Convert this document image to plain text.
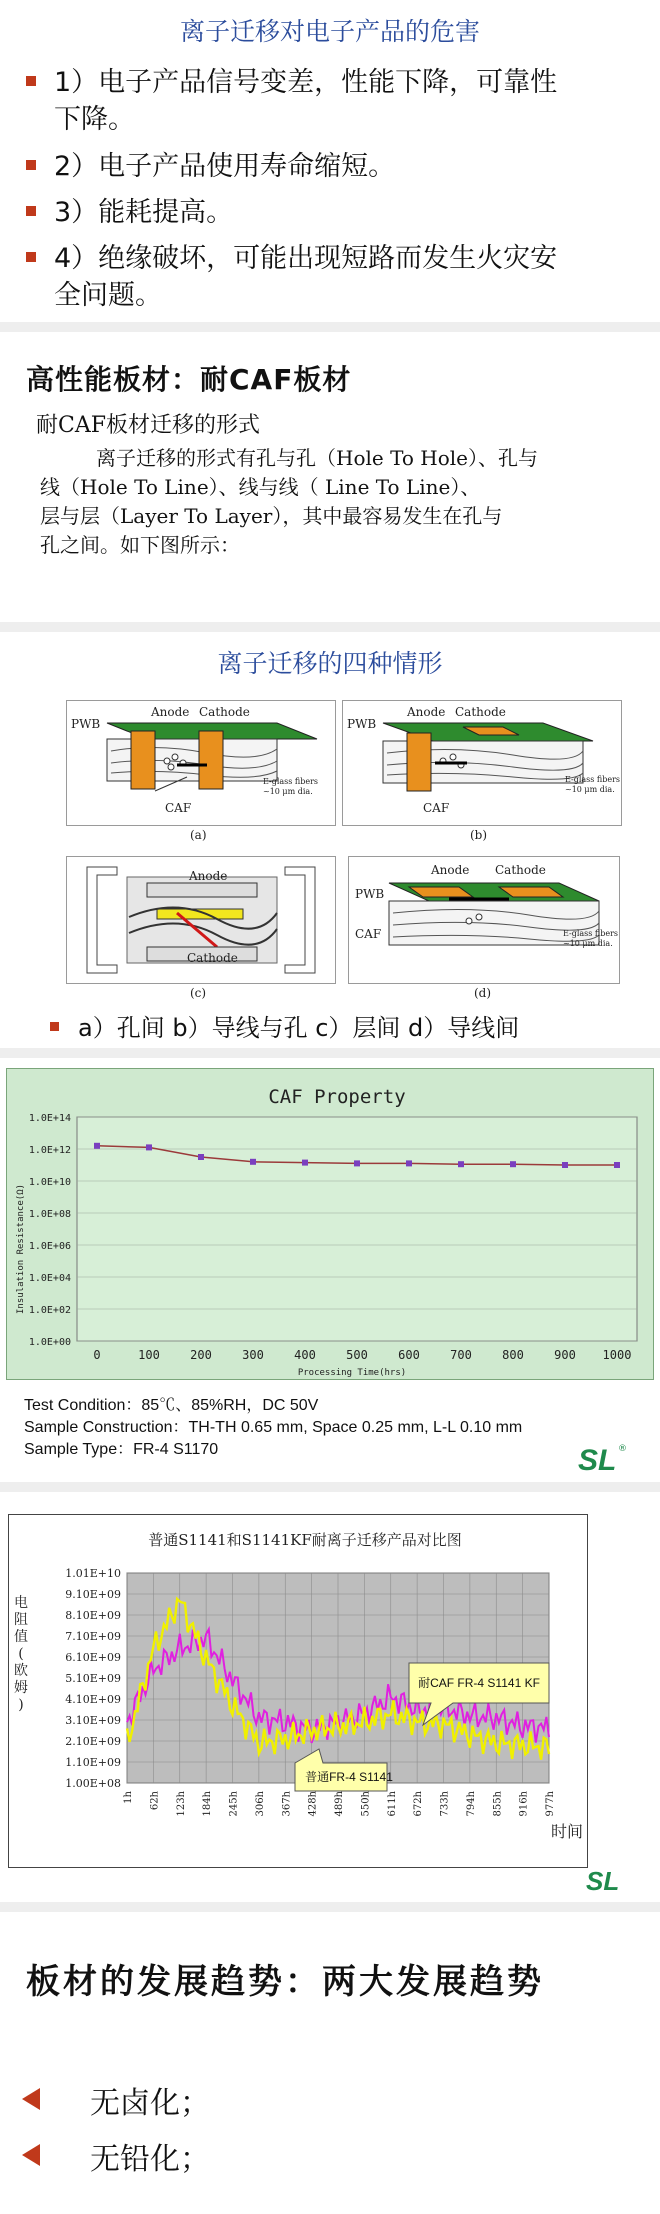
离子迁移对电子产品的危害
1）电子产品信号变差，性能下降，可靠性
下降。
2）电子产品使用寿命缩短。
3）能耗提高。
4）绝缘破坏，可能出现短路而发生火灾安
全问题。
高性能板材：耐CAF板材
耐CAF板材迁移的形式
离子迁移的形式有孔与孔（Hole To Hole）、孔与
线（Hole To Line）、线与线（ Line To Line）、
层与层（Layer To Layer），其中最容易发生在孔与
孔之间。如下图所示：
离子迁移的四种情形
PWB
Anode Cathode
CAF
E-glass fibers
~10 μm dia.
(a)
PWB
Anode Cathode
CAF
E-glass fibers
~10 μm dia.
(b)
Anode
Cathode
(c)
PWB
Anode Cathode
CAF	E-glass fibers
~10 μm dia.
(d)
a）孔间 b）导线与孔 c）层间 d）导线间
CAF Property
Insulation Resistance(Ω)
Processing Time(hrs)
1.0E+00
1.0E+02
1.0E+04
1.0E+06
1.0E+08
1.0E+10
1.0E+12
1.0E+14
0	100	200	300	400	500	600	700	800	900 1000
Test Condition：85℃、85%RH，DC 50V
Sample Construction：TH-TH 0.65 mm, Space 0.25 mm, L-L 0.10 mm
Sample Type：FR-4 S1170	SL ®
普通S1141和S1141KF耐离子迁移产品对比图
电
阻
值
(
欧
姆
)
时间
1.01E+10
9.10E+09
8.10E+09
7.10E+09
6.10E+09
5.10E+09
4.10E+09
3.10E+09
2.10E+09
1.10E+09
1.00E+08
1h 62h 123h 184h 245h 306h 367h 428h 489h 550h 611h 672h 733h 794h 855h 916h 977h
耐CAF FR-4 S1141 KF
普通FR-4 S1141
SL
板材的发展趋势：两大发展趋势
无卤化；
无铅化；
